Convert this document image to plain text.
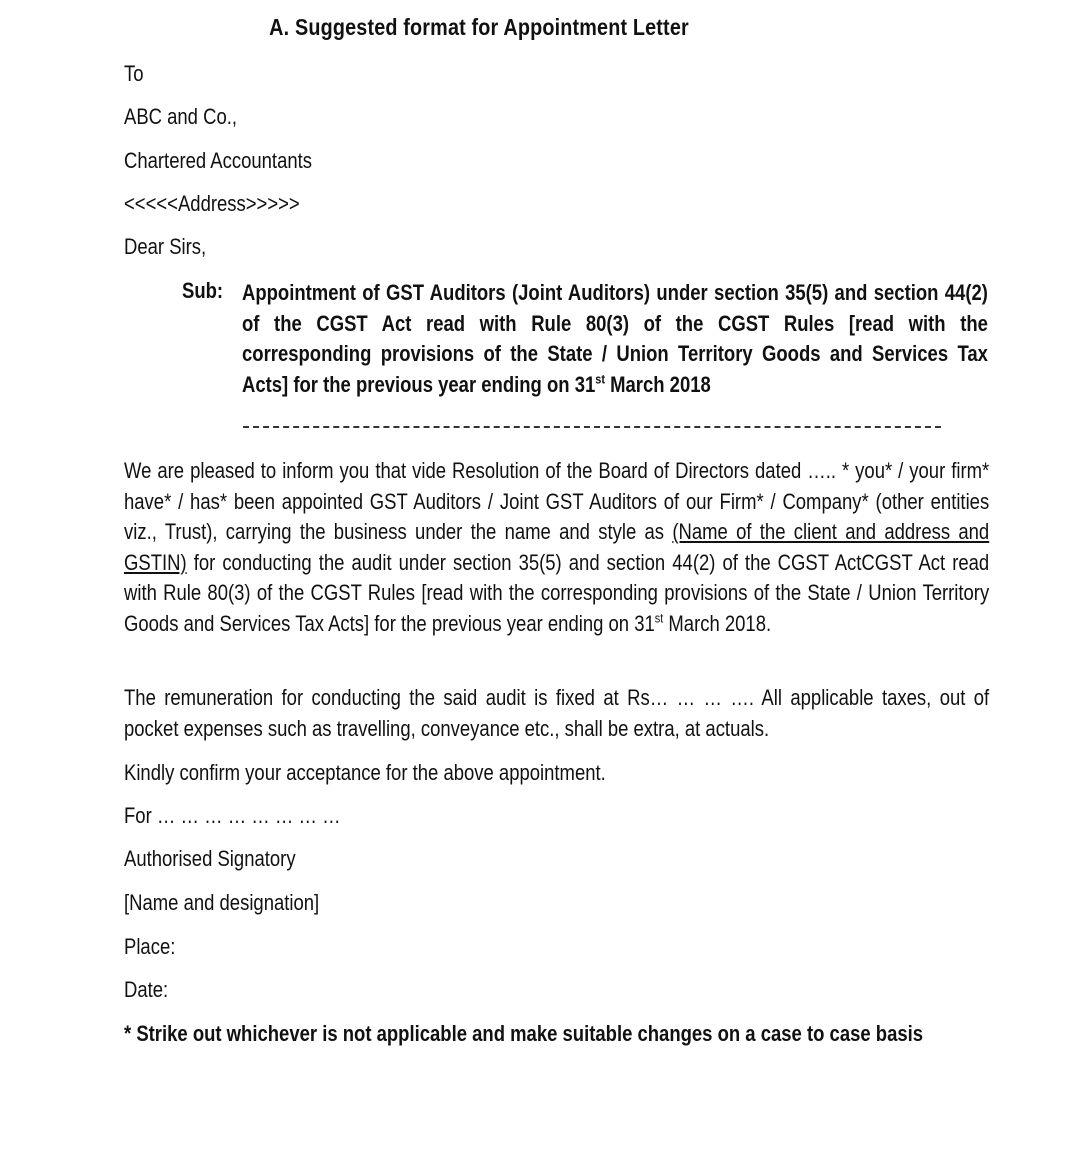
A. Suggested format for Appointment Letter
To
ABC and Co.,
Chartered Accountants
<<<<<Address>>>>>
Dear Sirs,
Sub: Appointment of GST Auditors (Joint Auditors) under section 35(5) and section 44(2) of the CGST Act read with Rule 80(3) of the CGST Rules [read with the corresponding provisions of the State / Union Territory Goods and Services Tax Acts] for the previous year ending on 31st March 2018
We are pleased to inform you that vide Resolution of the Board of Directors dated ….. * you* / your firm* have* / has* been appointed GST Auditors / Joint GST Auditors of our Firm* / Company* (other entities viz., Trust), carrying the business under the name and style as (Name of the client and address and GSTIN) for conducting the audit under section 35(5) and section 44(2) of the CGST ActCGST Act read with Rule 80(3) of the CGST Rules [read with the corresponding provisions of the State / Union Territory Goods and Services Tax Acts] for the previous year ending on 31st March 2018.
The remuneration for conducting the said audit is fixed at Rs… … … …. All applicable taxes, out of pocket expenses such as travelling, conveyance etc., shall be extra, at actuals.
Kindly confirm your acceptance for the above appointment.
For … … … … … … … …
Authorised Signatory
[Name and designation]
Place:
Date:
* Strike out whichever is not applicable and make suitable changes on a case to case basis
